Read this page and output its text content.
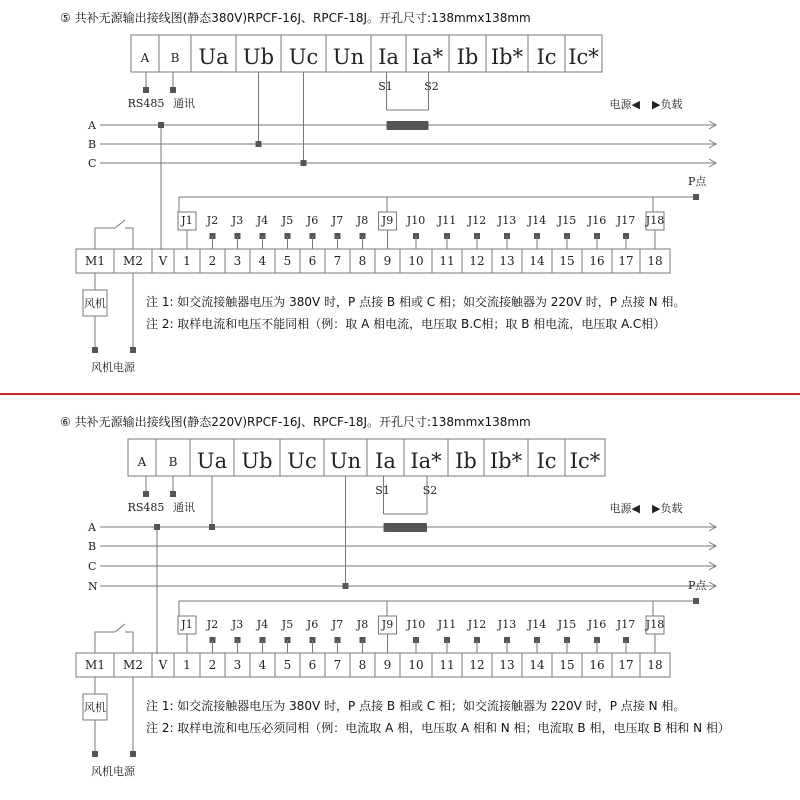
⑤ 共补无源输出接线图(静态380V)RPCF-16J、RPCF-18J。开孔尺寸:138mmx138mm
A B Ua Ub Uc Un Ia Ia* Ib Ib* Ic Ic*
RS485 通讯
S1	S2
电源◀ ▶负载
A
B
C
P点
J1 J2 J3 J4 J5 J6 J7 J8 J9 J10 J11 J12 J13 J14 J15 J16 J17 J18
M1 M2 V 1 2 3 4 5 6 7 8 9 10 11 12 13 14 15 16 17 18
风机
风机电源
注 1: 如交流接触器电压为 380V 时，P 点接 B 相或 C 相；如交流接触器为 220V 时，P 点接 N 相。
注 2: 取样电流和电压不能同相（例：取 A 相电流，电压取 B.C相；取 B 相电流，电压取 A.C相）
⑥ 共补无源输出接线图(静态220V)RPCF-16J、RPCF-18J。开孔尺寸:138mmx138mm
A B Ua Ub Uc Un Ia Ia* Ib Ib* Ic Ic*
RS485 通讯
S1	S2
电源◀ ▶负载
A
B
C
N	P点
J1 J2 J3 J4 J5 J6 J7 J8 J9 J10 J11 J12 J13 J14 J15 J16 J17 J18
M1 M2 V 1 2 3 4 5 6 7 8 9 10 11 12 13 14 15 16 17 18
风机
风机电源
注 1: 如交流接触器电压为 380V 时，P 点接 B 相或 C 相；如交流接触器为 220V 时，P 点接 N 相。
注 2: 取样电流和电压必须同相（例：电流取 A 相，电压取 A 相和 N 相；电流取 B 相，电压取 B 相和 N 相）
